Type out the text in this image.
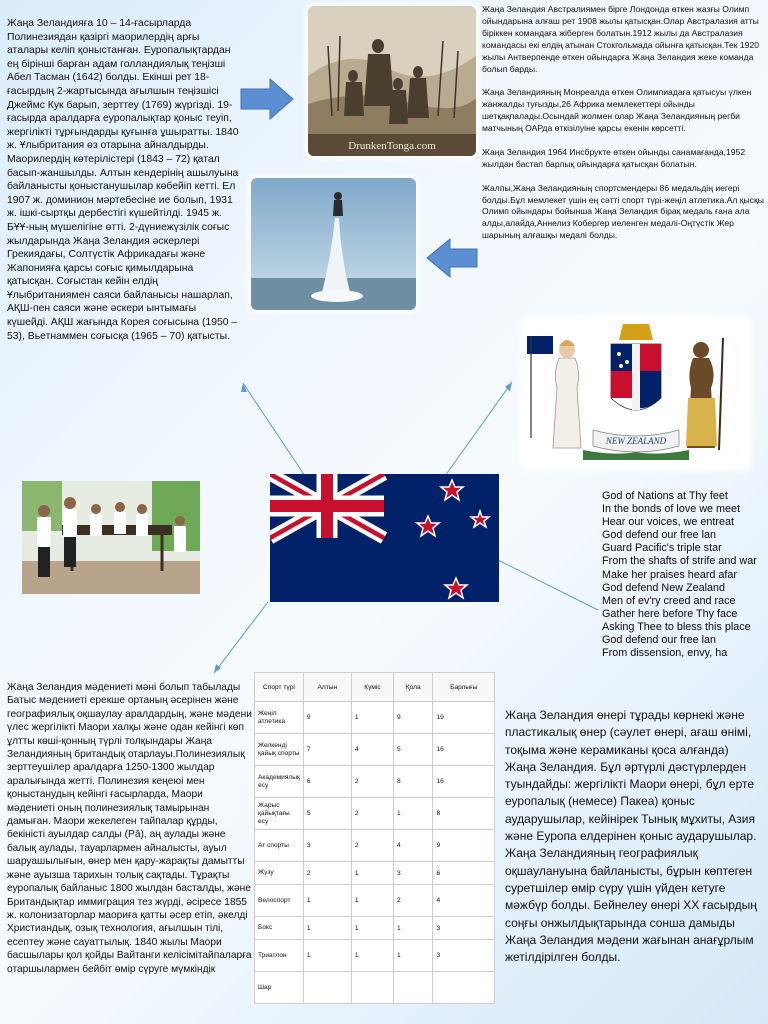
Жаңа Зеландияға 10 – 14-ғасырларда Полинезиядан қазіргі маорилердің арғы аталары келіп қоныстанған. Еуропалықтардан ең бірінші барған адам голландиялық теңізші Абел Тасман (1642) болды. Екінші рет 18-ғасырдың 2-жартысында ағылшын теңізшісі Джеймс Кук барып, зерттеу (1769) жүргізді. 19-ғасырда аралдарға еуропалықтар қоныс теуіп, жергілікті тұрғындарды қуғынға ұшыратты. 1840 ж. Ұлыбритания өз отарына айналдырды. Маорилердің көтерілістері (1843 – 72) қатал басып-жаншылды. Алтын кендерінің ашылуына байланысты қоныстанушылар көбейіп кетті. Ел 1907 ж. доминион мәртебесіне ие болып, 1931 ж. ішкі-сыртқы дербестігі күшейтілді. 1945 ж. БҰҰ-ның мүшелігіне өтті. 2-дүниежүзілік соғыс жылдарында Жаңа Зеландия әскерлері Грекиядағы, Солтүстік Африкадағы және Жапонияға қарсы соғыс қимылдарына қатысқан. Соғыстан кейін елдің Ұлыбританиямен саяси байланысы нашарлап, АҚШ-пен саяси және әскери ынтымағы күшейді. АҚШ жағында Корея соғысына (1950 – 53), Вьетнаммен соғысқа (1965 – 70) қатысты.
Жаңа Зеландия Австралиямен бірге Лондонда өткен жазғы Олимп ойындарына алғаш рет 1908 жылы қатысқан.Олар Австралазия атты біріккен командаға жіберген болатын.1912 жылы да Австралазия командасы екі елдің атынан Стокгольмада ойынға қатысқан.Тек 1920 жылы Антверпенде өткен ойындарға Жаңа Зеландия жеке команда болып барды.

Жаңа Зеландияның Монреалда өткен Олимпиадаға қатысуы үлкен жанжалды туғызды,26 Африка мемлекеттері ойынды шетқақпалады.Осындай жолмен олар Жаңа Зеландияның регби матчының ОАРда өткізілуіне қарсы екенін көрсетті.

Жаңа Зеландия 1964 Инсбрукте өткен ойынды санамағанда,1952 жылдан бастап барлық ойындарға қатысқан болатын.

Жалпы,Жаңа Зеландияның спортсмендеры 86 медальдің иегері болды.Бұл мемлекет үшін ең сәтті спорт түрі-жеңіл атлетика.Ал қысқы Олимп ойындары бойынша Жаңа Зеландия бірақ медаль ғана ала алды,алайда,Аннелиз Кобергер иеленген медалі-Оңтүстік Жер шарының алғашқы медалі болды.
God of Nations at Thy feet
In the bonds of love we meet
Hear our voices, we entreat
God defend our free lan
Guard Pacific's triple star
From the shafts of strife and war
Make her praises heard afar
God defend New Zealand
Men of ev'ry creed and race
Gather here before Thy face
Asking Thee to bless this place
God defend our free lan
From dissension, envy, ha
Жаңа Зеландия мәдениеті мәні болып табылады Батыс мәдениеті ерекше ортаның әсерінен және географиялық оқшаулау аралдардың, және мәдени үлес жергілікті Маори халқы және одан кейінгі көп ұлтты көші-қонның түрлі толқындары Жаңа Зеландияның британдық отарлауы.Полинезиялық зерттеушілер аралдарға 1250-1300 жылдар аралығында жетті. Полинезия кеңеюі мен қоныстанудың кейінгі ғасырларда, Маори мәдениеті оның полинезиялық тамырынан дамыған. Маори жекелеген тайпалар құрды, бекіністі ауылдар салды (Pā), аң аулады және балық аулады, тауарлармен айналысты, ауыл шаруашылығын, өнер мен қару-жарақты дамытты және ауызша тарихын толық сақтады. Тұрақты еуропалық байланыс 1800 жылдан басталды, және Британдықтар иммиграция тез жүрді, әсіресе 1855 ж. колонизаторлар маориға қатты әсер етіп, әкелді Христиандық, озық технология, ағылшын тілі, есептеу және сауаттылық. 1840 жылы Маори басшылары қол қойды Вайтанги келісімітайпаларға отаршылармен бейбіт өмір сүруге мүмкіндік
Жаңа Зеландия өнері тұрады көрнекі және пластикалық өнер (сәулет өнері, ағаш өнімі, тоқыма және керамиканы қоса алғанда) Жаңа Зеландия. Бұл әртүрлі дәстүрлерден туындайды: жергілікті Маори өнері, бұл ерте еуропалық (немесе) Пакеа) қоныс аударушылар, кейінірек Тынық мұхиты, Азия және Еуропа елдерінен қоныс аударушылар. Жаңа Зеландияның географиялық оқшаулануына байланысты, бұрын көптеген суретшілер өмір сүру үшін үйден кетуге мәжбүр болды. Бейнелеу өнері XX ғасырдың соңғы онжылдықтарында сонша дамыды Жаңа Зеландия мәдени жағынан анағұрлым жетілдірілген болды.
DrunkenTonga.com
NEW ZEALAND
Спорт түрі	Алтын	Күміс	Қола	Барлығы
Жеңіл атлетика	9	1	9	19
Желкенді қайық спорты	7	4	5	16
Академиялық есу	6	2	8	16
Жарыс қайықтағы есу	5	2	1	8
Ат спорты	3	2	4	9
Жүзу	2	1	3	6
Велоспорт	1	1	2	4
Бокс	1	1	1	3
Триатлон	1	1	1	3
Шар				
